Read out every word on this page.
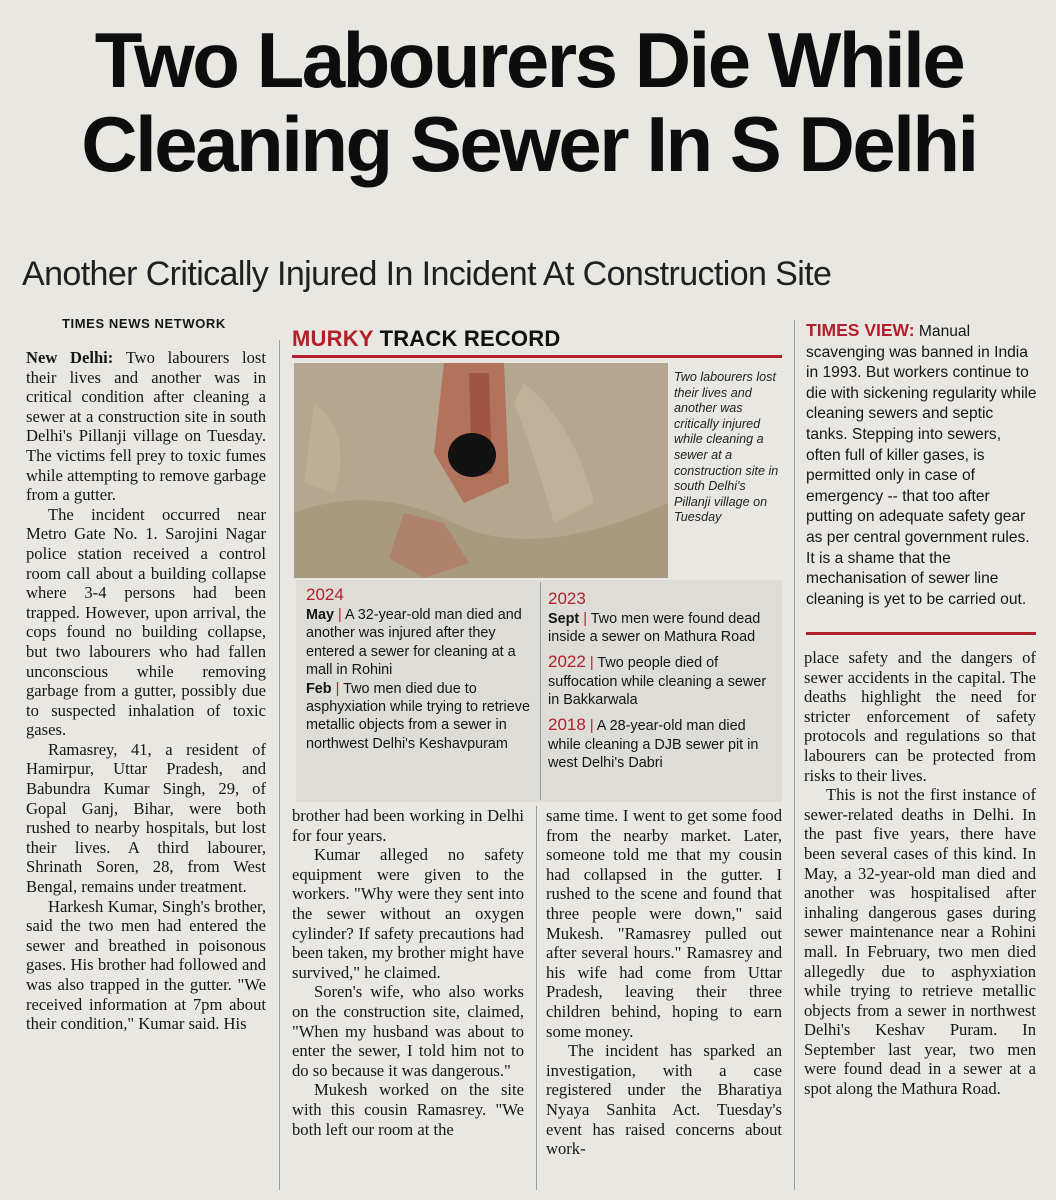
Two Labourers Die While Cleaning Sewer In S Delhi
Another Critically Injured In Incident At Construction Site
TIMES NEWS NETWORK

New Delhi: Two labourers lost their lives and another was in critical condition after cleaning a sewer at a construction site in south Delhi's Pillanji village on Tuesday. The victims fell prey to toxic fumes while attempting to remove garbage from a gutter.

The incident occurred near Metro Gate No. 1. Sarojini Nagar police station received a control room call about a building collapse where 3-4 persons had been trapped. However, upon arrival, the cops found no building collapse, but two labourers who had fallen unconscious while removing garbage from a gutter, possibly due to suspected inhalation of toxic gases.

Ramasrey, 41, a resident of Hamirpur, Uttar Pradesh, and Babundra Kumar Singh, 29, of Gopal Ganj, Bihar, were both rushed to nearby hospitals, but lost their lives. A third labourer, Shrinath Soren, 28, from West Bengal, remains under treatment.

Harkesh Kumar, Singh's brother, said the two men had entered the sewer and breathed in poisonous gases. His brother had followed and was also trapped in the gutter. "We received information at 7pm about their condition," Kumar said. His

MURKY TRACK RECORD
Two labourers lost their lives and another was critically injured while cleaning a sewer at a construction site in south Delhi's Pillanji village on Tuesday
2024
May | A 32-year-old man died and another was injured after they entered a sewer for cleaning at a mall in Rohini
Feb | Two men died due to asphyxiation while trying to retrieve metallic objects from a sewer in northwest Delhi's Keshavpuram
2023
Sept | Two men were found dead inside a sewer on Mathura Road
2022 | Two people died of suffocation while cleaning a sewer in Bakkarwala
2018 | A 28-year-old man died while cleaning a DJB sewer pit in west Delhi's Dabri

brother had been working in Delhi for four years.

Kumar alleged no safety equipment were given to the workers. "Why were they sent into the sewer without an oxygen cylinder? If safety precautions had been taken, my brother might have survived," he claimed.

Soren's wife, who also works on the construction site, claimed, "When my husband was about to enter the sewer, I told him not to do so because it was dangerous."

Mukesh worked on the site with this cousin Ramasrey. "We both left our room at the

same time. I went to get some food from the nearby market. Later, someone told me that my cousin had collapsed in the gutter. I rushed to the scene and found that three people were down," said Mukesh. "Ramasrey pulled out after several hours." Ramasrey and his wife had come from Uttar Pradesh, leaving their three children behind, hoping to earn some money.

The incident has sparked an investigation, with a case registered under the Bharatiya Nyaya Sanhita Act. Tuesday's event has raised concerns about work-

TIMES VIEW: Manual scavenging was banned in India in 1993. But workers continue to die with sickening regularity while cleaning sewers and septic tanks. Stepping into sewers, often full of killer gases, is permitted only in case of emergency -- that too after putting on adequate safety gear as per central government rules. It is a shame that the mechanisation of sewer line cleaning is yet to be carried out.

place safety and the dangers of sewer accidents in the capital. The deaths highlight the need for stricter enforcement of safety protocols and regulations so that labourers can be protected from risks to their lives.

This is not the first instance of sewer-related deaths in Delhi. In the past five years, there have been several cases of this kind. In May, a 32-year-old man died and another was hospitalised after inhaling dangerous gases during sewer maintenance near a Rohini mall. In February, two men died allegedly due to asphyxiation while trying to retrieve metallic objects from a sewer in northwest Delhi's Keshav Puram. In September last year, two men were found dead in a sewer at a spot along the Mathura Road.
